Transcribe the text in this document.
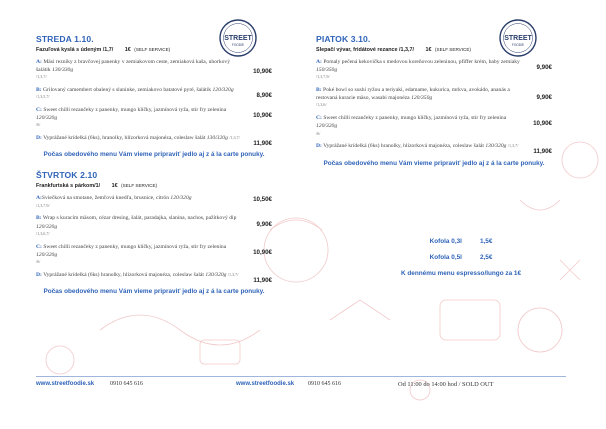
STREET
FOODIE
STREET
FOODIE
STREDA 1.10.
Fazuľová kyslá s údeným /1,7/ 1€ (SELF SERVICE)
A: Mäsi rezníky z bravčovej panenky v zemiakovom ceste, zemiaková kaša, uhorkový šalátik 130/330g
/1,3,7/
10,90€
B: Grilovaný camembert obalený s slaninke, zemiakovo batatové pyré, šalátik 120/320g
/1,3,5,7/	8,90€
C: Sweet chilli rezančeky z panenky, mungo klíčky, jazmínová ryža, stir fry zelenina 120/320g
/6/
10,90€
D: Vyprážané krídelká (6ks), hranolky, hlízorková majonéza, coleslaw šalát 130/320g /1,3,7/
11,90€
Počas obedového menu Vám vieme pripraviť jedlo aj z á la carte ponuky.
ŠTVRTOK 2.10
Frankfurtská s párkom/1/ 1€ (SELF SERVICE)
A:Sviečková na smotane, žemľová knedľa, brusnice, citrón 120/320g
/1,3,7,9/
10,50€
B: Wrap s kuracím mäsom, cézar dresing, šalát, paradajka, slanina, nachos, pažítkový dip 120/320g
/1,3,6,7/
9,90€
C: Sweet chilli rezančeky z panenky, mungo klíčky, jazmínová ryža, stir fry zelenina 120/320g
/6/
10,90€
D: Vyprážané krídelká (6ks) hranolky, hlízorková majonéza, coleslaw šalát 130/320g /1,3,7/
11,90€
Počas obedového menu Vám vieme pripraviť jedlo aj z á la carte ponuky.
PIATOK 3.10.
Slepačí vývar, fridátové rezance /1,3,7/ 1€ (SELF SERVICE)
A: Pomaly pečená kekovička s medovou koreňovou zeleninou, pfiffer krém, baby zemiaky 150/350g
/1,3,7,9/
9,90€
B: Poké bowl so sushi ryžou a teriyaki, edamame, kukurica, mrkva, avokádo, ananás a restovaná kuracie mäso, wasabi majonéza 120/350g
/1,3,6/
9,90€
C: Sweet chilli rezančeky z panenky, mungo klíčky, jazmínová ryža, stir fry zelenina 120/320g
/6/
10,90€
D: Vyprážané krídelká (6ks) hranolky, hlízorková majonéza, coleslaw šalát 130/320g /1,3,7/
11,90€
Počas obedového menu Vám vieme pripraviť jedlo aj z á la carte ponuky.
Kofola 0,3l	1,5€
Kofola 0,5l	2,5€
K dennému menu espresso/lungo za 1€
www.streetfoodie.sk	0910 645 616	www.streetfoodie.sk 0910 645 616	Od 11:00 do 14:00 hod / SOLD OUT
